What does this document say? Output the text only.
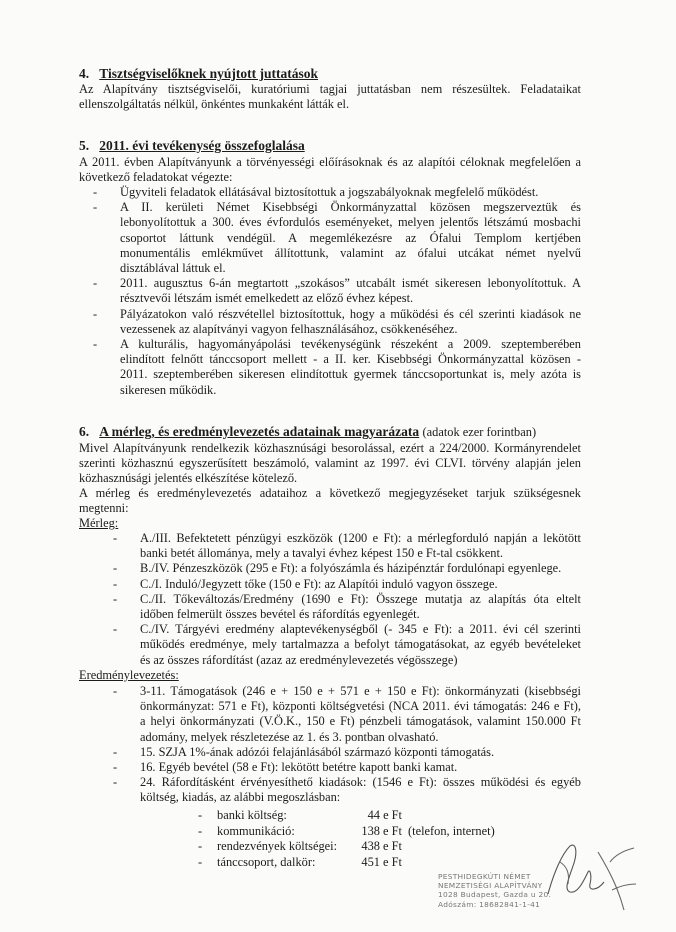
4. Tisztségviselőknek nyújtott juttatások
Az Alapítvány tisztségviselői, kuratóriumi tagjai juttatásban nem részesültek. Feladataikat
ellenszolgáltatás nélkül, önkéntes munkaként látták el.
5. 2011. évi tevékenység összefoglalása
A 2011. évben Alapítványunk a törvényességi előírásoknak és az alapítói céloknak megfelelően a
következő feladatokat végezte:
- Ügyviteli feladatok ellátásával biztosítottuk a jogszabályoknak megfelelő működést.
- A II. kerületi Német Kisebbségi Önkormányzattal közösen megszerveztük és
lebonyolítottuk a 300. éves évfordulós eseményeket, melyen jelentős létszámú mosbachi
csoportot láttunk vendégül. A megemlékezésre az Ófalui Templom kertjében
monumentális emlékművet állítottunk, valamint az ófalui utcákat német nyelvű
disztáblával láttuk el.
- 2011. augusztus 6-án megtartott „szokásos” utcabált ismét sikeresen lebonyolítottuk. A
résztvevői létszám ismét emelkedett az előző évhez képest.
- Pályázatokon való részvétellel biztosítottuk, hogy a működési és cél szerinti kiadások ne
vezessenek az alapítványi vagyon felhasználásához, csökkenéséhez.
- A kulturális, hagyományápolási tevékenységünk részeként a 2009. szeptemberében
elindított felnőtt tánccsoport mellett - a II. ker. Kisebbségi Önkormányzattal közösen -
2011. szeptemberében sikeresen elindítottuk gyermek tánccsoportunkat is, mely azóta is
sikeresen működik.
6. A mérleg, és eredménylevezetés adatainak magyarázata (adatok ezer forintban)
Mivel Alapítványunk rendelkezik közhasznúsági besorolással, ezért a 224/2000. Kormányrendelet
szerinti közhasznú egyszerűsített beszámoló, valamint az 1997. évi CLVI. törvény alapján jelen
közhasznúsági jelentés elkészítése kötelező.
A mérleg és eredménylevezetés adataihoz a következő megjegyzéseket tarjuk szükségesnek
megtenni:
Mérleg:
- A./III. Befektetett pénzügyi eszközök (1200 e Ft): a mérlegforduló napján a lekötött
banki betét állománya, mely a tavalyi évhez képest 150 e Ft-tal csökkent.
- B./IV. Pénzeszközök (295 e Ft): a folyószámla és házipénztár fordulónapi egyenlege.
- C./I. Induló/Jegyzett tőke (150 e Ft): az Alapítói induló vagyon összege.
- C./II. Tőkeváltozás/Eredmény (1690 e Ft): Összege mutatja az alapítás óta eltelt
időben felmerült összes bevétel és ráfordítás egyenlegét.
- C./IV. Tárgyévi eredmény alaptevékenységből (- 345 e Ft): a 2011. évi cél szerinti
működés eredménye, mely tartalmazza a befolyt támogatásokat, az egyéb bevételeket
és az összes ráfordítást (azaz az eredménylevezetés végösszege)
Eredménylevezetés:
- 3-11. Támogatások (246 e + 150 e + 571 e + 150 e Ft): önkormányzati (kisebbségi
önkormányzat: 571 e Ft), központi költségvetési (NCA 2011. évi támogatás: 246 e Ft),
a helyi önkormányzati (V.Ö.K., 150 e Ft) pénzbeli támogatások, valamint 150.000 Ft
adomány, melyek részletezése az 1. és 3. pontban olvasható.
- 15. SZJA 1%-ának adózói felajánlásából származó központi támogatás.
- 16. Egyéb bevétel (58 e Ft): lekötött betétre kapott banki kamat.
- 24. Ráfordításként érvényesíthető kiadások: (1546 e Ft): összes működési és egyéb
költség, kiadás, az alábbi megoszlásban:
- banki költség:	44 e Ft
- kommunikáció:	138 e Ft (telefon, internet)
- rendezvények költségei:	438 e Ft
- tánccsoport, dalkör:	451 e Ft
PESTHIDEGKÚTI NÉMET
NEMZETISÉGI ALAPÍTVÁNY
1028 Budapest, Gazda u 20.
Adószám: 18682841-1-41
